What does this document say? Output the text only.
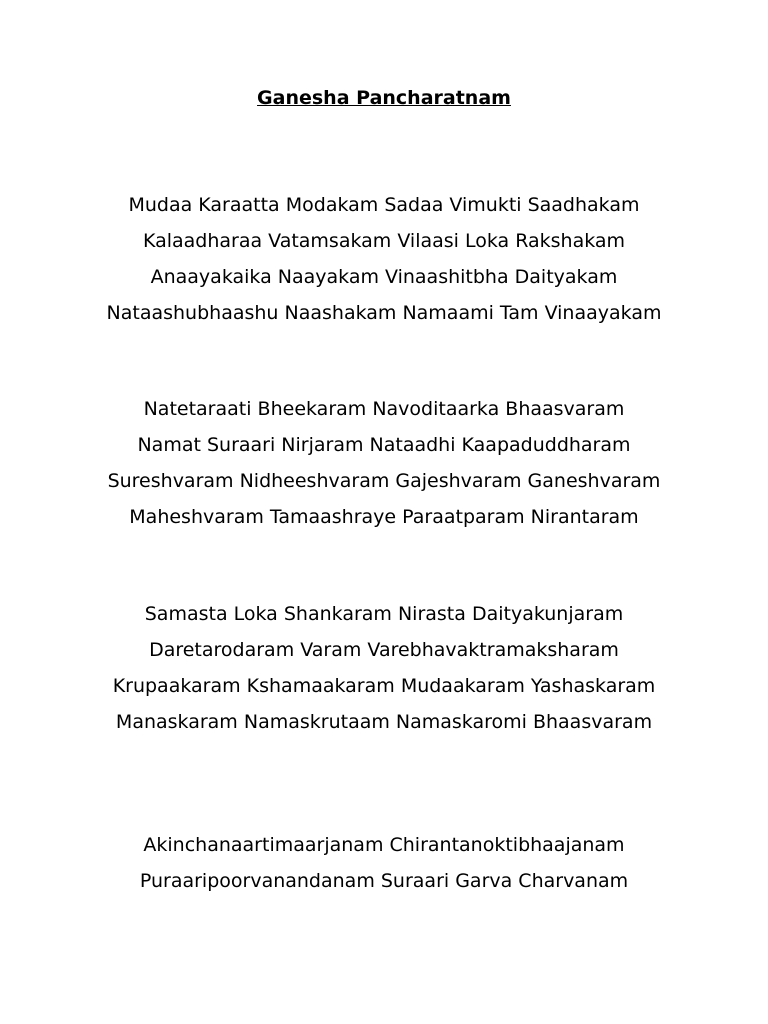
Ganesha Pancharatnam
Mudaa Karaatta Modakam Sadaa Vimukti Saadhakam
Kalaadharaa Vatamsakam Vilaasi Loka Rakshakam
Anaayakaika Naayakam Vinaashitbha Daityakam
Nataashubhaashu Naashakam Namaami Tam Vinaayakam
Natetaraati Bheekaram Navoditaarka Bhaasvaram
Namat Suraari Nirjaram Nataadhi Kaapaduddharam
Sureshvaram Nidheeshvaram Gajeshvaram Ganeshvaram
Maheshvaram Tamaashraye Paraatparam Nirantaram
Samasta Loka Shankaram Nirasta Daityakunjaram
Daretarodaram Varam Varebhavaktramaksharam
Krupaakaram Kshamaakaram Mudaakaram Yashaskaram
Manaskaram Namaskrutaam Namaskaromi Bhaasvaram
Akinchanaartimaarjanam Chirantanoktibhaajanam
Puraaripoorvanandanam Suraari Garva Charvanam
